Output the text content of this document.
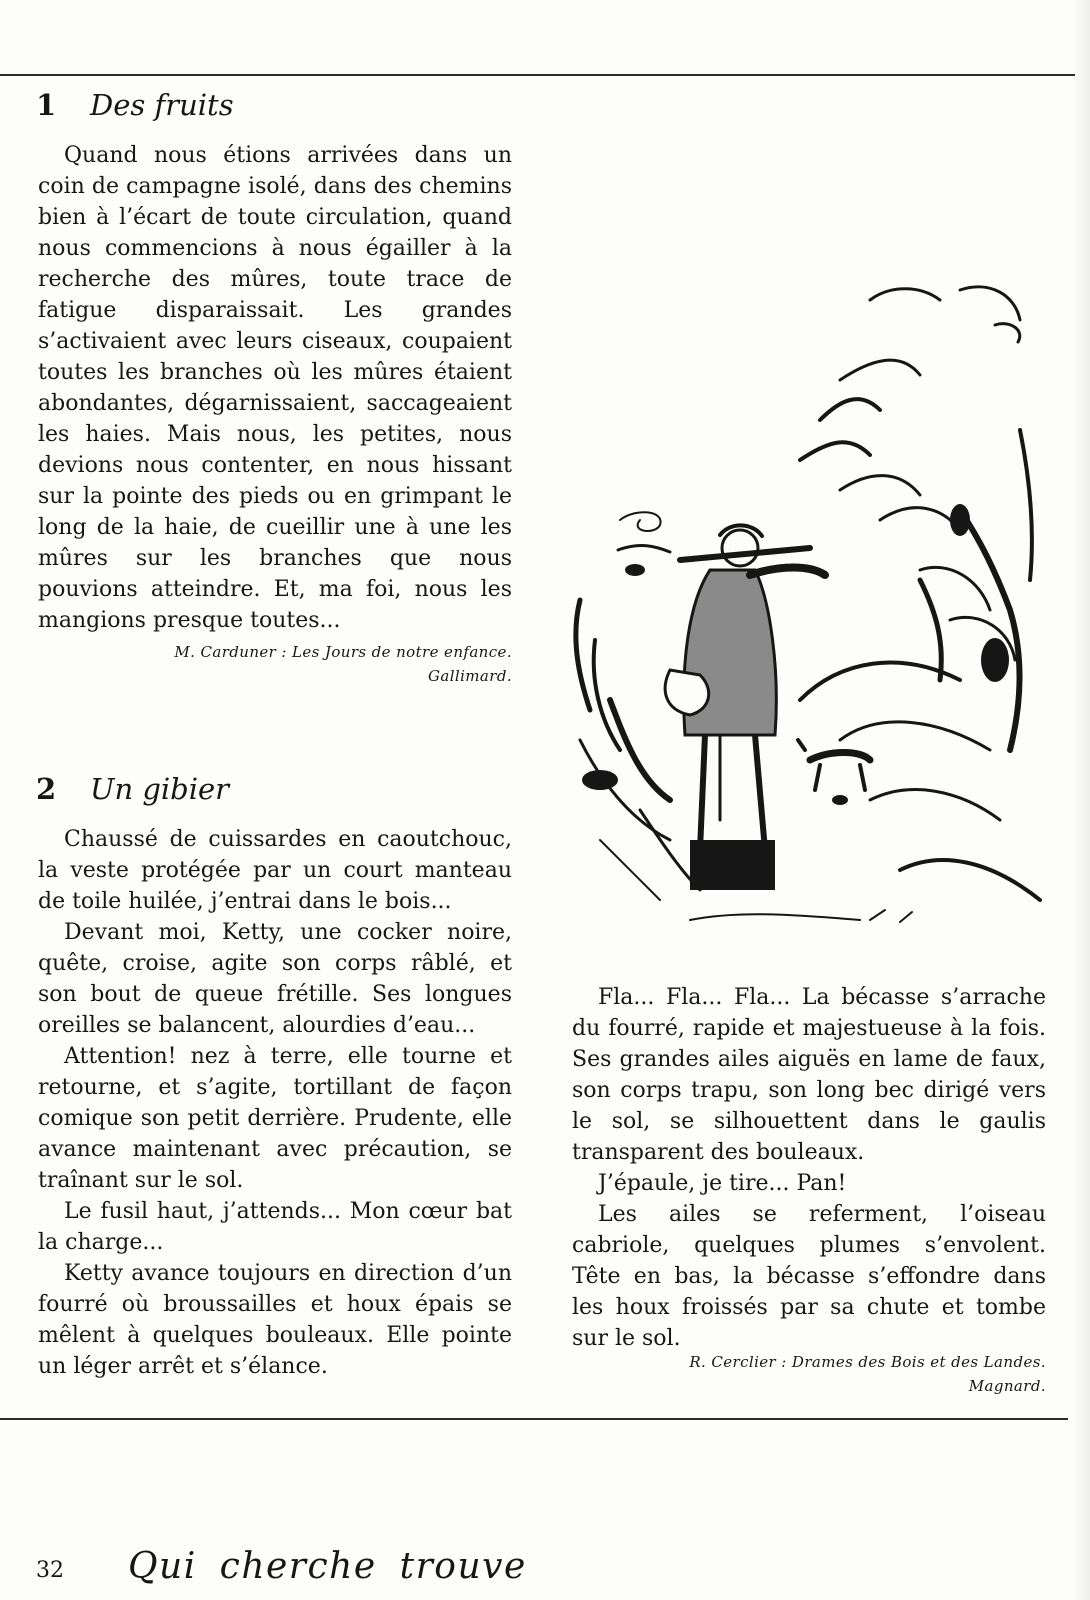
1 Des fruits

Quand nous étions arrivées dans un coin de campagne isolé, dans des chemins bien à l’écart de toute circulation, quand nous commencions à nous égailler à la recherche des mûres, toute trace de fatigue disparaissait. Les grandes s’activaient avec leurs ciseaux, coupaient toutes les branches où les mûres étaient abondantes, dégarnissaient, saccageaient les haies. Mais nous, les petites, nous devions nous contenter, en nous hissant sur la pointe des pieds ou en grimpant le long de la haie, de cueillir une à une les mûres sur les branches que nous pouvions atteindre. Et, ma foi, nous les mangions presque toutes...

M. Carduner : Les Jours de notre enfance.
Gallimard.
2 Un gibier

Chaussé de cuissardes en caoutchouc, la veste protégée par un court manteau de toile huilée, j’entrai dans le bois...

Devant moi, Ketty, une cocker noire, quête, croise, agite son corps râblé, et son bout de queue frétille. Ses longues oreilles se balancent, alourdies d’eau...

Attention! nez à terre, elle tourne et retourne, et s’agite, tortillant de façon comique son petit derrière. Prudente, elle avance maintenant avec précaution, se traînant sur le sol.

Le fusil haut, j’attends... Mon cœur bat la charge...

Ketty avance toujours en direction d’un fourré où broussailles et houx épais se mêlent à quelques bouleaux. Elle pointe un léger arrêt et s’élance.

Fla... Fla... Fla... La bécasse s’arrache du fourré, rapide et majestueuse à la fois. Ses grandes ailes aiguës en lame de faux, son corps trapu, son long bec dirigé vers le sol, se silhouettent dans le gaulis transparent des bouleaux.

J’épaule, je tire... Pan!

Les ailes se referment, l’oiseau cabriole, quelques plumes s’envolent. Tête en bas, la bécasse s’effondre dans les houx froissés par sa chute et tombe sur le sol.

R. Cerclier : Drames des Bois et des Landes.
Magnard.
32 Qui cherche trouve
